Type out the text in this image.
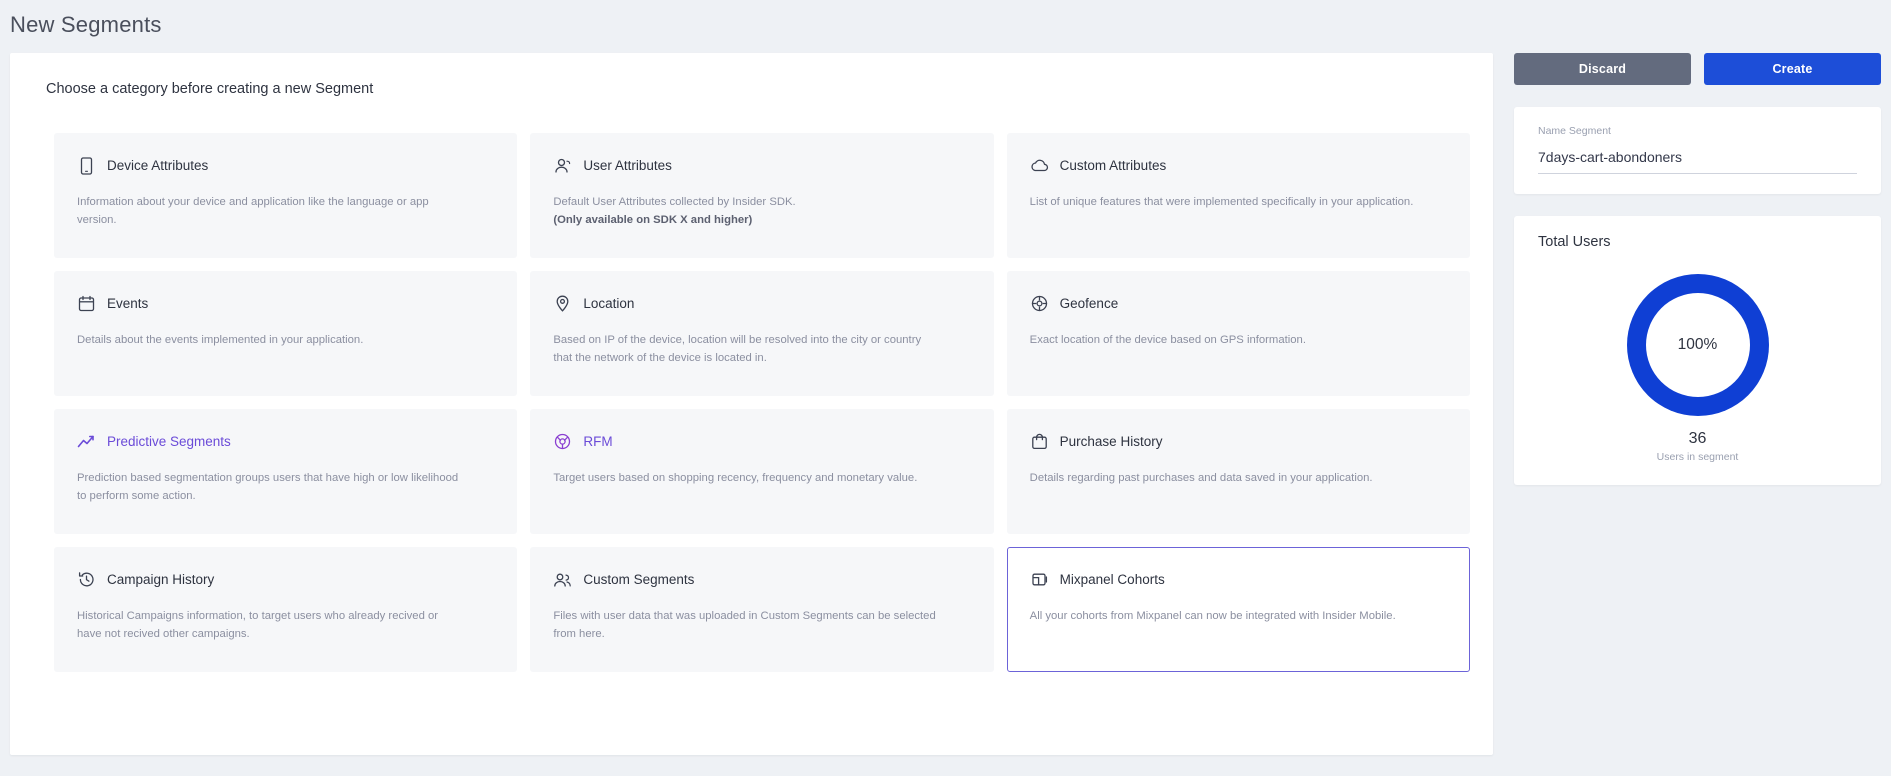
New Segments
Choose a category before creating a new Segment
Device Attributes
Information about your device and application like the language or app version.
User Attributes
Default User Attributes collected by Insider SDK.
(Only available on SDK X and higher)
Custom Attributes
List of unique features that were implemented specifically in your application.
Events
Details about the events implemented in your application.
Location
Based on IP of the device, location will be resolved into the city or country that the network of the device is located in.
Geofence
Exact location of the device based on GPS information.
Predictive Segments
Prediction based segmentation groups users that have high or low likelihood to perform some action.
RFM
Target users based on shopping recency, frequency and monetary value.
Purchase History
Details regarding past purchases and data saved in your application.
Campaign History
Historical Campaigns information, to target users who already recived or have not recived other campaigns.
Custom Segments
Files with user data that was uploaded in Custom Segments can be selected from here.
Mixpanel Cohorts
All your cohorts from Mixpanel can now be integrated with Insider Mobile.
Discard	Create
Name Segment
7days-cart-abondoners
Total Users
100%
36
Users in segment
